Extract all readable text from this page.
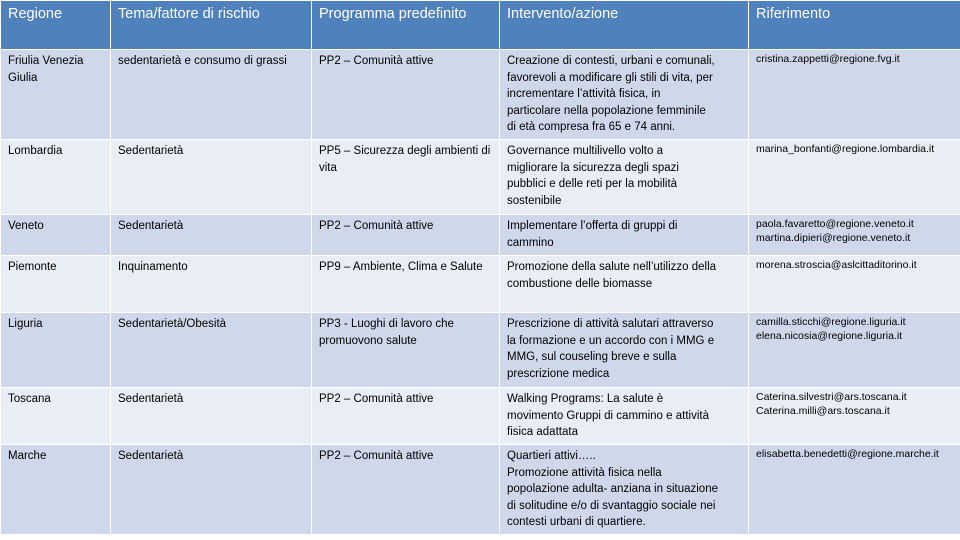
Regione	Tema/fattore di rischio	Programma predefinito	Intervento/azione	Riferimento
Friulia Venezia Giulia	sedentarietà e consumo di grassi	PP2 – Comunità attive	Creazione di contesti, urbani e comunali,
favorevoli a modificare gli stili di vita, per
incrementare l’attività fisica, in
particolare nella popolazione femminile
di età compresa fra 65 e 74 anni.	cristina.zappetti@regione.fvg.it

Lombardia	Sedentarietà	PP5 – Sicurezza degli ambienti di vita	Governance multilivello volto a
migliorare la sicurezza degli spazi
pubblici e delle reti per la mobilità
sostenibile	marina_bonfanti@regione.lombardia.it

Veneto	Sedentarietà	PP2 – Comunità attive	Implementare l’offerta di gruppi di
cammino	paola.favaretto@regione.veneto.it
martina.dipieri@regione.veneto.it

Piemonte	Inquinamento	PP9 – Ambiente, Clima e Salute	Promozione della salute nell’utilizzo della
combustione delle biomasse	morena.stroscia@aslcittaditorino.it

Liguria	Sedentarietà/Obesità	PP3 - Luoghi di lavoro che promuovono salute	Prescrizione di attività salutari attraverso
la formazione e un accordo con i MMG e
MMG, sul couseling breve e sulla
prescrizione medica	camilla.sticchi@regione.liguria.it
elena.nicosia@regione.liguria.it

Toscana	Sedentarietà	PP2 – Comunità attive	Walking Programs: La salute è
movimento Gruppi di cammino e attività
fisica adattata	Caterina.silvestri@ars.toscana.it
Caterina.milli@ars.toscana.it

Marche	Sedentarietà	PP2 – Comunità attive	Quartieri attivi…..
Promozione attività fisica nella
popolazione adulta- anziana in situazione
di solitudine e/o di svantaggio sociale nei
contesti urbani di quartiere.	elisabetta.benedetti@regione.marche.it
